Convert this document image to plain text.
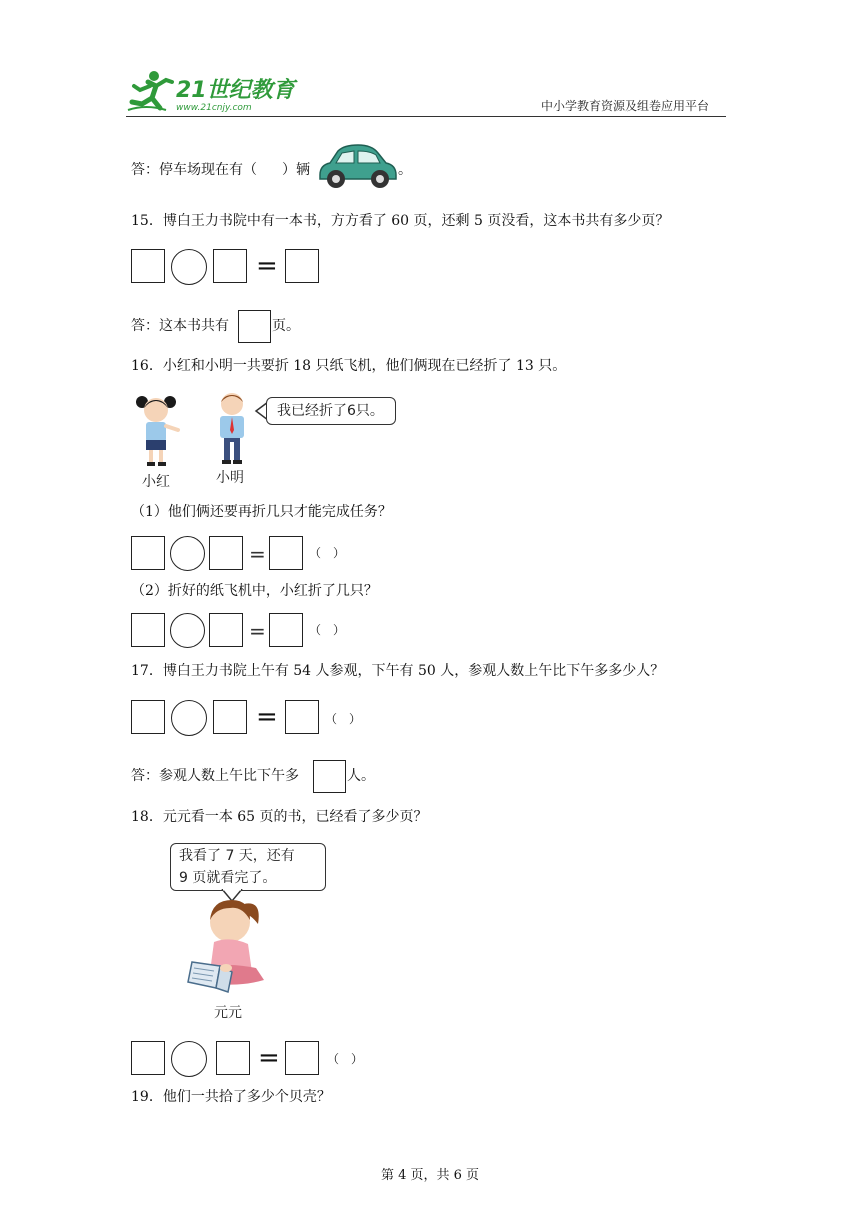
21世纪教育
www.21cnjy.com	中小学教育资源及组卷应用平台
答：停车场现在有（ ）辆	。
15．博白王力书院中有一本书，方方看了 60 页，还剩 5 页没看，这本书共有多少页？
=
答：这本书共有	页。
16．小红和小明一共要折 18 只纸飞机，他们俩现在已经折了 13 只。
小红	小明
我已经折了6只。
（1）他们俩还要再折几只才能完成任务？
=	（　）
（2）折好的纸飞机中，小红折了几只？
=	（　）
17．博白王力书院上午有 54 人参观，下午有 50 人，参观人数上午比下午多多少人？
=	（　）
答：参观人数上午比下午多	人。
18．元元看一本 65 页的书，已经看了多少页？
我看了 7 天，还有
9 页就看完了。
元元
=	（　）
19．他们一共拾了多少个贝壳？
第 4 页，共 6 页
